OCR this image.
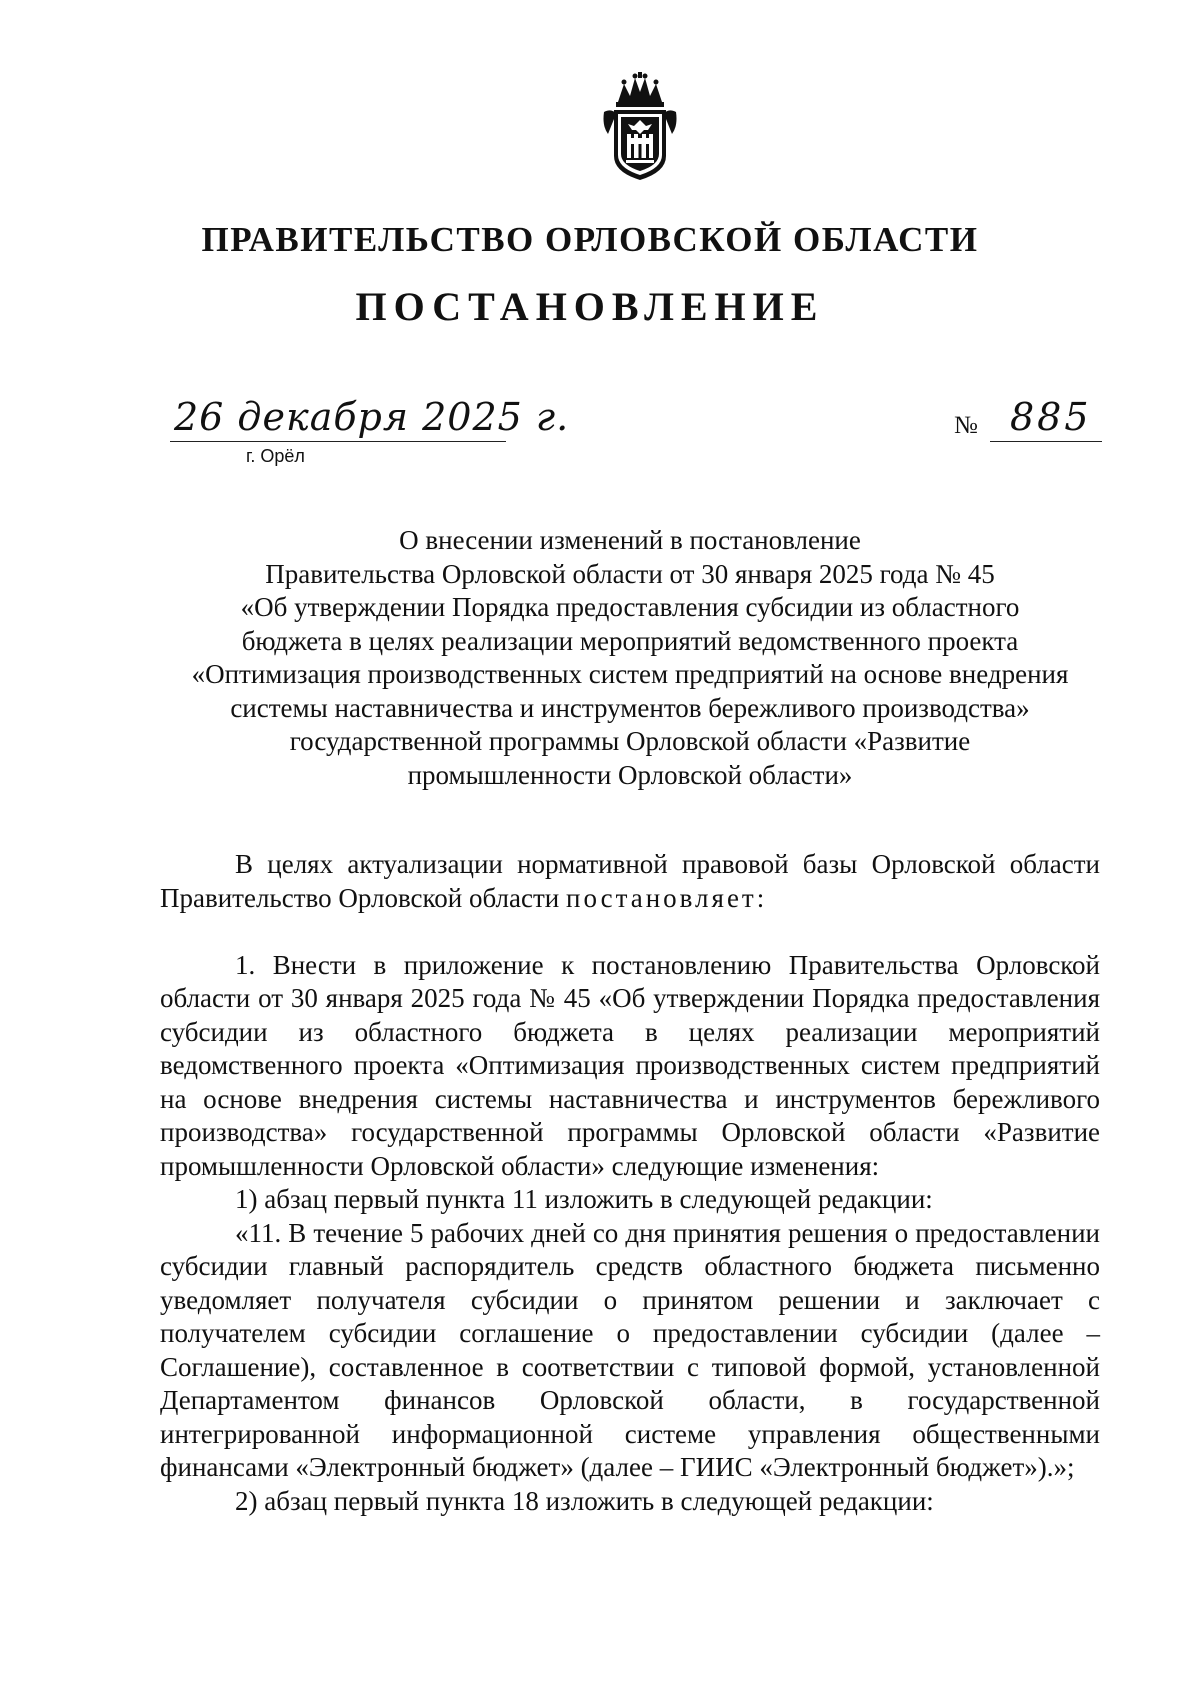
ПРАВИТЕЛЬСТВО ОРЛОВСКОЙ ОБЛАСТИ
ПОСТАНОВЛЕНИЕ
26 декабря 2025 г.
г. Орёл
№ 885
О внесении изменений в постановление
Правительства Орловской области от 30 января 2025 года № 45
«Об утверждении Порядка предоставления субсидии из областного
бюджета в целях реализации мероприятий ведомственного проекта
«Оптимизация производственных систем предприятий на основе внедрения
системы наставничества и инструментов бережливого производства»
государственной программы Орловской области «Развитие
промышленности Орловской области»

В целях актуализации нормативной правовой базы Орловской области Правительство Орловской области постановляет:

1. Внести в приложение к постановлению Правительства Орловской области от 30 января 2025 года № 45 «Об утверждении Порядка предоставления субсидии из областного бюджета в целях реализации мероприятий ведомственного проекта «Оптимизация производственных систем предприятий на основе внедрения системы наставничества и инструментов бережливого производства» государственной программы Орловской области «Развитие промышленности Орловской области» следующие изменения:

1) абзац первый пункта 11 изложить в следующей редакции:

«11. В течение 5 рабочих дней со дня принятия решения о предоставлении субсидии главный распорядитель средств областного бюджета письменно уведомляет получателя субсидии о принятом решении и заключает с получателем субсидии соглашение о предоставлении субсидии (далее – Соглашение), составленное в соответствии с типовой формой, установленной Департаментом финансов Орловской области, в государственной интегрированной информационной системе управления общественными финансами «Электронный бюджет» (далее – ГИИС «Электронный бюджет»).»;

2) абзац первый пункта 18 изложить в следующей редакции:
